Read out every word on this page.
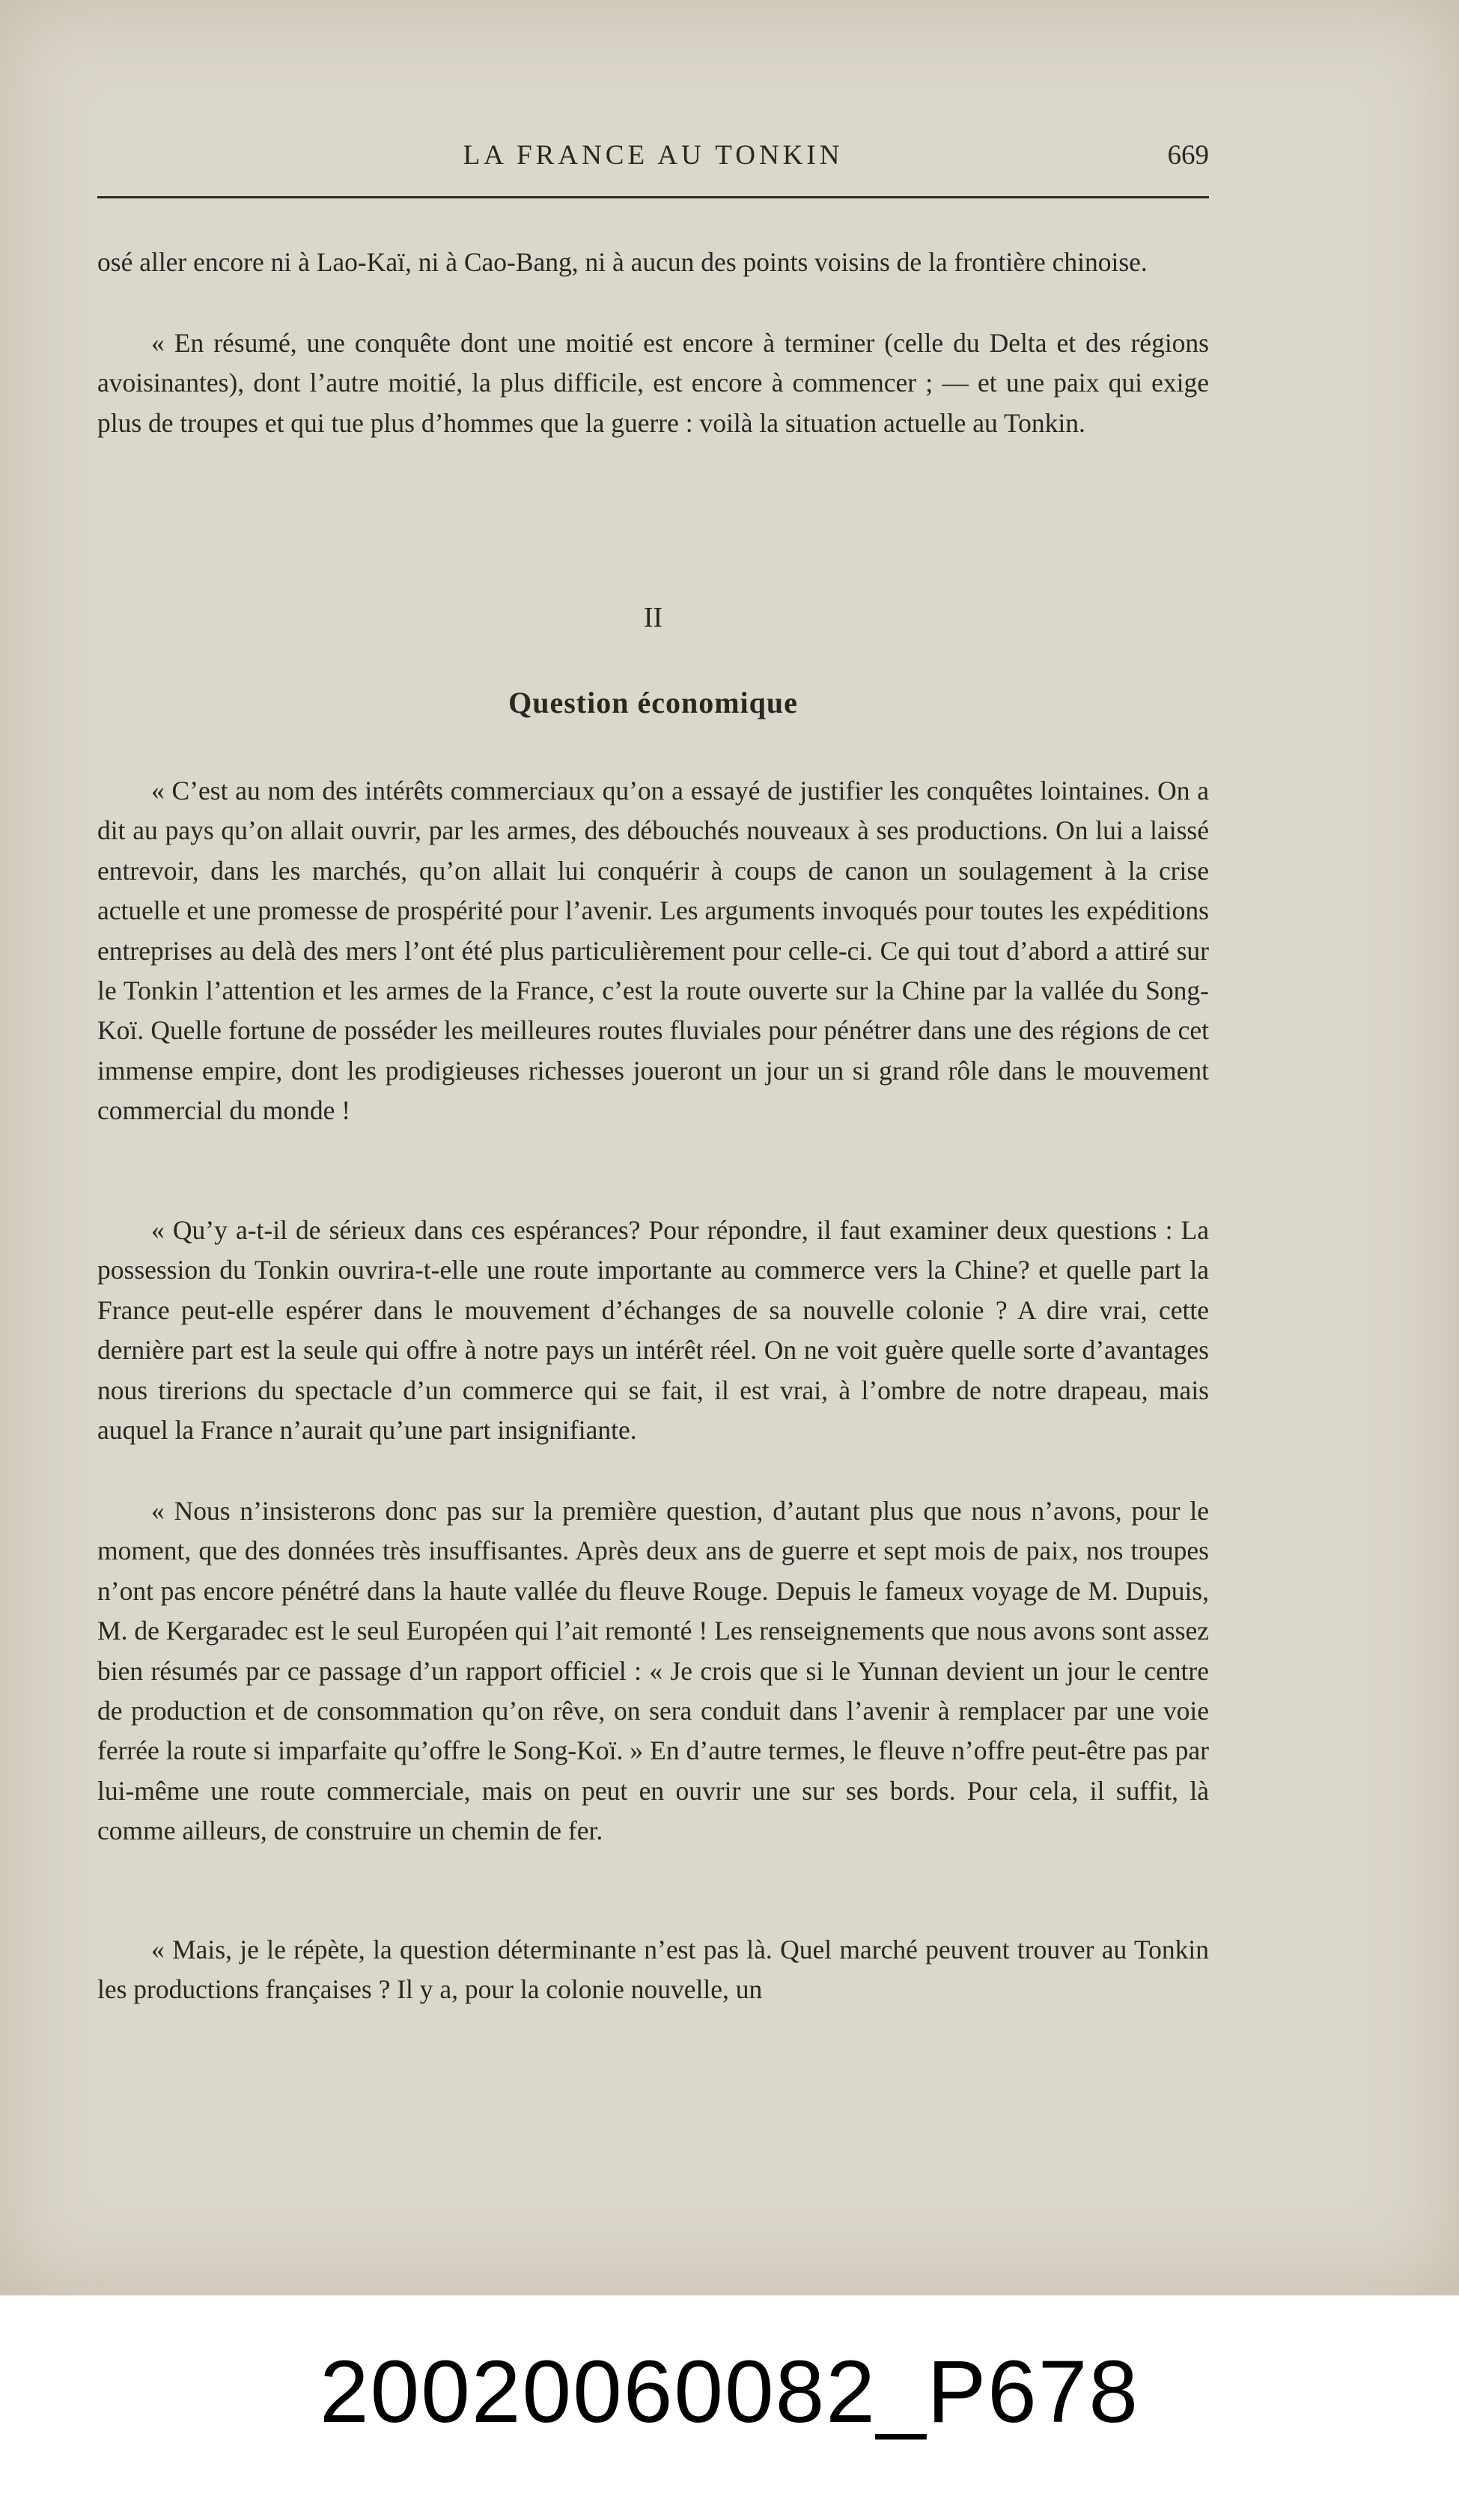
LA FRANCE AU TONKIN	669

osé aller encore ni à Lao-Kaï, ni à Cao-Bang, ni à aucun des points voisins de la frontière chinoise.

« En résumé, une conquête dont une moitié est encore à terminer (celle du Delta et des régions avoisinantes), dont l’autre moitié, la plus difficile, est encore à commencer ; — et une paix qui exige plus de troupes et qui tue plus d’hommes que la guerre : voilà la situation actuelle au Tonkin.

II
Question économique

« C’est au nom des intérêts commerciaux qu’on a essayé de justifier les conquêtes lointaines. On a dit au pays qu’on allait ouvrir, par les armes, des débouchés nouveaux à ses productions. On lui a laissé entrevoir, dans les marchés, qu’on allait lui conquérir à coups de canon un soulagement à la crise actuelle et une promesse de prospérité pour l’avenir. Les arguments invoqués pour toutes les expéditions entreprises au delà des mers l’ont été plus particulièrement pour celle-ci. Ce qui tout d’abord a attiré sur le Tonkin l’attention et les armes de la France, c’est la route ouverte sur la Chine par la vallée du Song-Koï. Quelle fortune de posséder les meilleures routes fluviales pour pénétrer dans une des régions de cet immense empire, dont les prodigieuses richesses joueront un jour un si grand rôle dans le mouvement commercial du monde !

« Qu’y a-t-il de sérieux dans ces espérances? Pour répondre, il faut examiner deux questions : La possession du Tonkin ouvrira-t-elle une route importante au commerce vers la Chine? et quelle part la France peut-elle espérer dans le mouvement d’échanges de sa nouvelle colonie ? A dire vrai, cette dernière part est la seule qui offre à notre pays un intérêt réel. On ne voit guère quelle sorte d’avantages nous tirerions du spectacle d’un commerce qui se fait, il est vrai, à l’ombre de notre drapeau, mais auquel la France n’aurait qu’une part insignifiante.

« Nous n’insisterons donc pas sur la première question, d’autant plus que nous n’avons, pour le moment, que des données très insuffisantes. Après deux ans de guerre et sept mois de paix, nos troupes n’ont pas encore pénétré dans la haute vallée du fleuve Rouge. Depuis le fameux voyage de M. Dupuis, M. de Kergaradec est le seul Européen qui l’ait remonté ! Les renseignements que nous avons sont assez bien résumés par ce passage d’un rapport officiel : « Je crois que si le Yunnan devient un jour le centre de production et de consommation qu’on rêve, on sera conduit dans l’avenir à remplacer par une voie ferrée la route si imparfaite qu’offre le Song-Koï. » En d’autre termes, le fleuve n’offre peut-être pas par lui-même une route commerciale, mais on peut en ouvrir une sur ses bords. Pour cela, il suffit, là comme ailleurs, de construire un chemin de fer.

« Mais, je le répète, la question déterminante n’est pas là. Quel marché peuvent trouver au Tonkin les productions françaises ? Il y a, pour la colonie nouvelle, un

20020060082_P678
